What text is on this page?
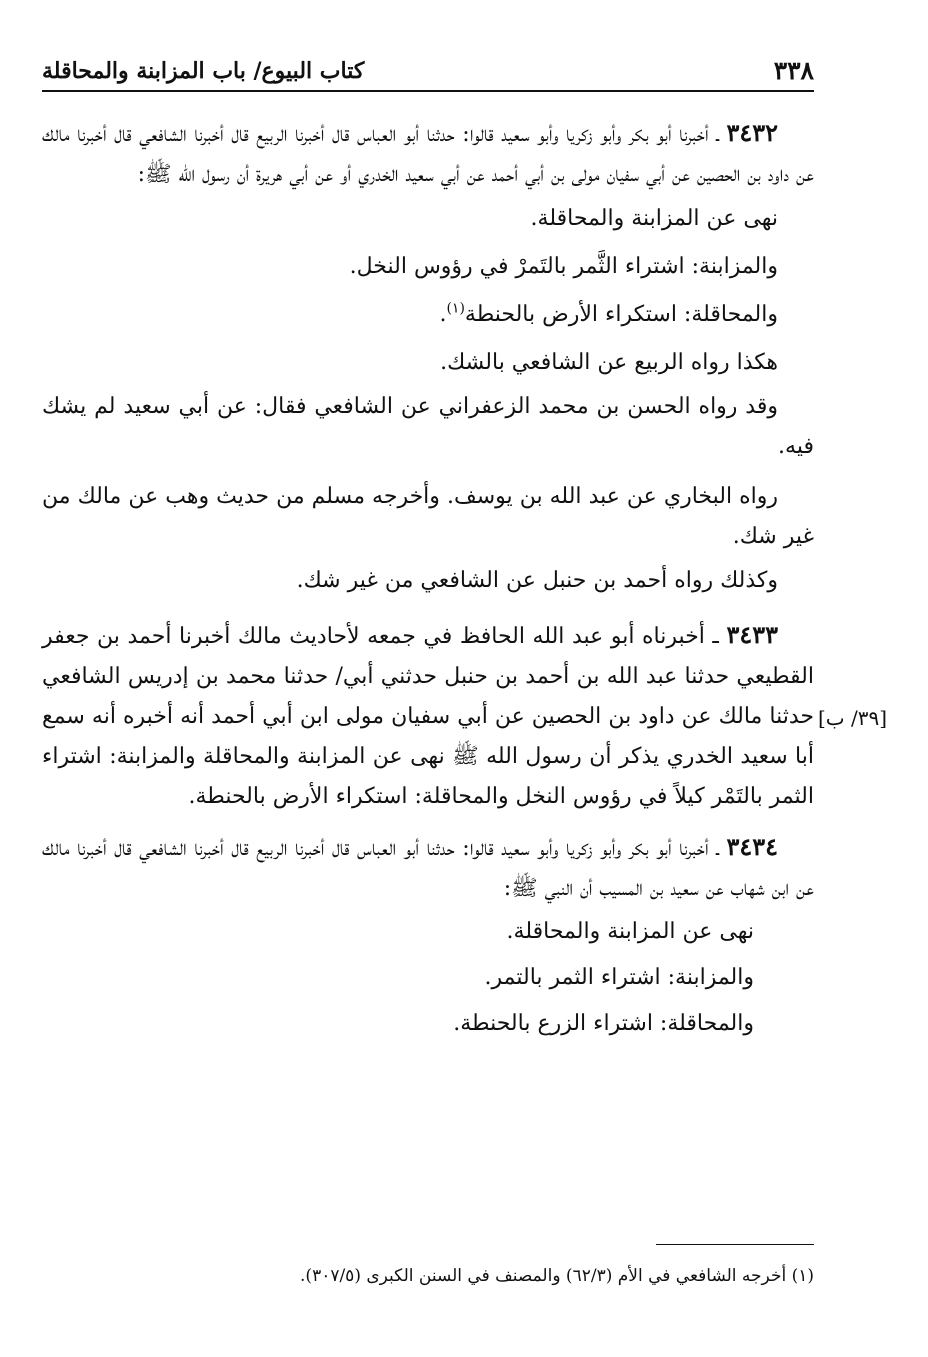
٣٣٨
كتاب البيوع/ باب المزابنة والمحاقلة
[٣٩/ ب]

٣٤٣٢ ـ أخبرنا أبو بكر وأبو زكريا وأبو سعيد قالوا: حدثنا أبو العباس قال أخبرنا الربيع قال أخبرنا الشافعي قال أخبرنا مالك عن داود بن الحصين عن أبي سفيان مولى بن أبي أحمد عن أبي سعيد الخدري أو عن أبي هريرة أن رسول الله ﷺ:

نهى عن المزابنة والمحاقلة.

والمزابنة: اشتراء الثَّمر بالتَمرْ في رؤوس النخل.

والمحاقلة: استكراء الأرض بالحنطة$^{(١)}$.

هكذا رواه الربيع عن الشافعي بالشك.

وقد رواه الحسن بن محمد الزعفراني عن الشافعي فقال: عن أبي سعيد لم يشك فيه.

رواه البخاري عن عبد الله بن يوسف. وأخرجه مسلم من حديث وهب عن مالك من غير شك.

وكذلك رواه أحمد بن حنبل عن الشافعي من غير شك.

٣٤٣٣ ـ أخبرناه أبو عبد الله الحافظ في جمعه لأحاديث مالك أخبرنا أحمد بن جعفر القطيعي حدثنا عبد الله بن أحمد بن حنبل حدثني أبي/ حدثنا محمد بن إدريس الشافعي حدثنا مالك عن داود بن الحصين عن أبي سفيان مولى ابن أبي أحمد أنه أخبره أنه سمع أبا سعيد الخدري يذكر أن رسول الله ﷺ نهى عن المزابنة والمحاقلة والمزابنة: اشتراء الثمر بالتَمْر كيلاً في رؤوس النخل والمحاقلة: استكراء الأرض بالحنطة.

٣٤٣٤ ـ أخبرنا أبو بكر وأبو زكريا وأبو سعيد قالوا: حدثنا أبو العباس قال أخبرنا الربيع قال أخبرنا الشافعي قال أخبرنا مالك عن ابن شهاب عن سعيد بن المسيب أن النبي ﷺ:

نهى عن المزابنة والمحاقلة.

والمزابنة: اشتراء الثمر بالتمر.

والمحاقلة: اشتراء الزرع بالحنطة.

(١) أخرجه الشافعي في الأم (٦٢/٣) والمصنف في السنن الكبرى (٣٠٧/٥).
